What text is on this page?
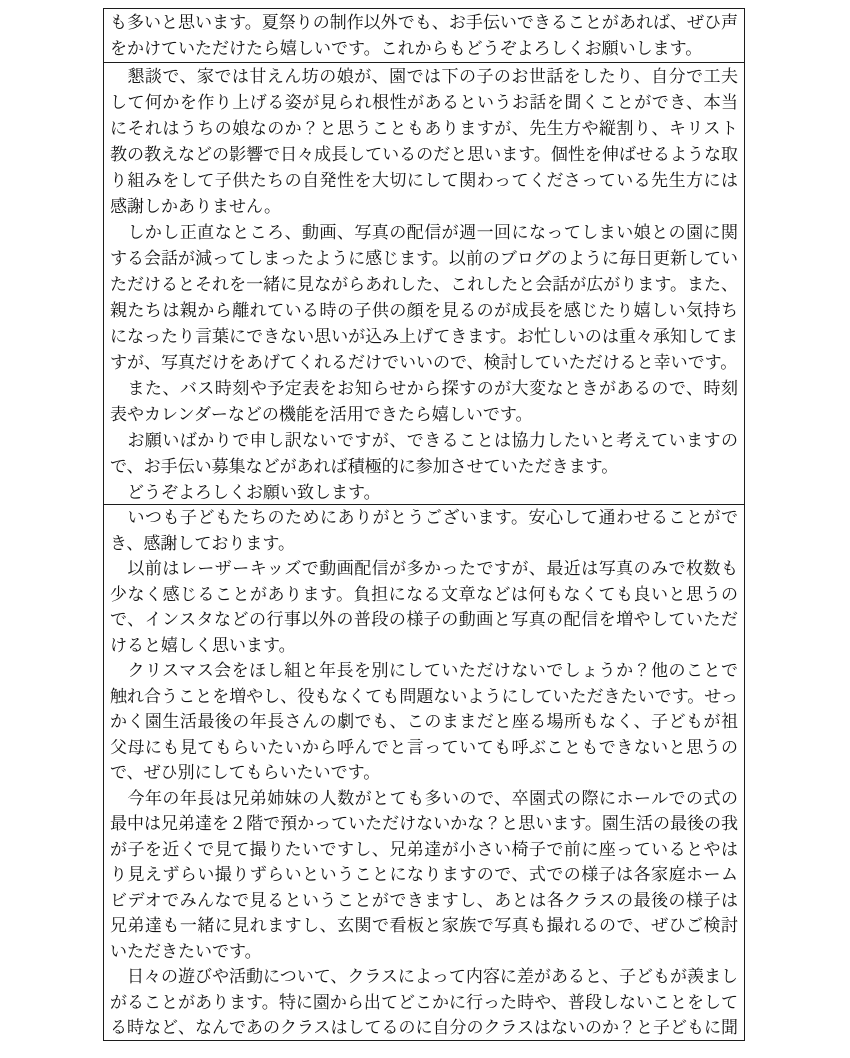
も多いと思います。夏祭りの制作以外でも、お手伝いできることがあれば、ぜひ声をかけていただけたら嬉しいです。これからもどうぞよろしくお願いします。

　懇談で、家では甘えん坊の娘が、園では下の子のお世話をしたり、自分で工夫して何かを作り上げる姿が見られ根性があるというお話を聞くことができ、本当にそれはうちの娘なのか？と思うこともありますが、先生方や縦割り、キリスト教の教えなどの影響で日々成長しているのだと思います。個性を伸ばせるような取り組みをして子供たちの自発性を大切にして関わってくださっている先生方には感謝しかありません。

　しかし正直なところ、動画、写真の配信が週一回になってしまい娘との園に関する会話が減ってしまったように感じます。以前のブログのように毎日更新していただけるとそれを一緒に見ながらあれした、これしたと会話が広がります。また、親たちは親から離れている時の子供の顔を見るのが成長を感じたり嬉しい気持ちになったり言葉にできない思いが込み上げてきます。お忙しいのは重々承知してますが、写真だけをあげてくれるだけでいいので、検討していただけると幸いです。

　また、バス時刻や予定表をお知らせから探すのが大変なときがあるので、時刻表やカレンダーなどの機能を活用できたら嬉しいです。

　お願いばかりで申し訳ないですが、できることは協力したいと考えていますので、お手伝い募集などがあれば積極的に参加させていただきます。

　どうぞよろしくお願い致します。

　いつも子どもたちのためにありがとうございます。安心して通わせることができ、感謝しております。

　以前はレーザーキッズで動画配信が多かったですが、最近は写真のみで枚数も少なく感じることがあります。負担になる文章などは何もなくても良いと思うので、インスタなどの行事以外の普段の様子の動画と写真の配信を増やしていただけると嬉しく思います。

　クリスマス会をほし組と年長を別にしていただけないでしょうか？他のことで触れ合うことを増やし、役もなくても問題ないようにしていただきたいです。せっかく園生活最後の年長さんの劇でも、このままだと座る場所もなく、子どもが祖父母にも見てもらいたいから呼んでと言っていても呼ぶこともできないと思うので、ぜひ別にしてもらいたいです。

　今年の年長は兄弟姉妹の人数がとても多いので、卒園式の際にホールでの式の最中は兄弟達を２階で預かっていただけないかな？と思います。園生活の最後の我が子を近くで見て撮りたいですし、兄弟達が小さい椅子で前に座っているとやはり見えずらい撮りずらいということになりますので、式での様子は各家庭ホームビデオでみんなで見るということができますし、あとは各クラスの最後の様子は兄弟達も一緒に見れますし、玄関で看板と家族で写真も撮れるので、ぜひご検討いただきたいです。

　日々の遊びや活動について、クラスによって内容に差があると、子どもが羨ましがることがあります。特に園から出てどこかに行った時や、普段しないことをしてる時など、なんであのクラスはしてるのに自分のクラスはないのか？と子どもに聞
